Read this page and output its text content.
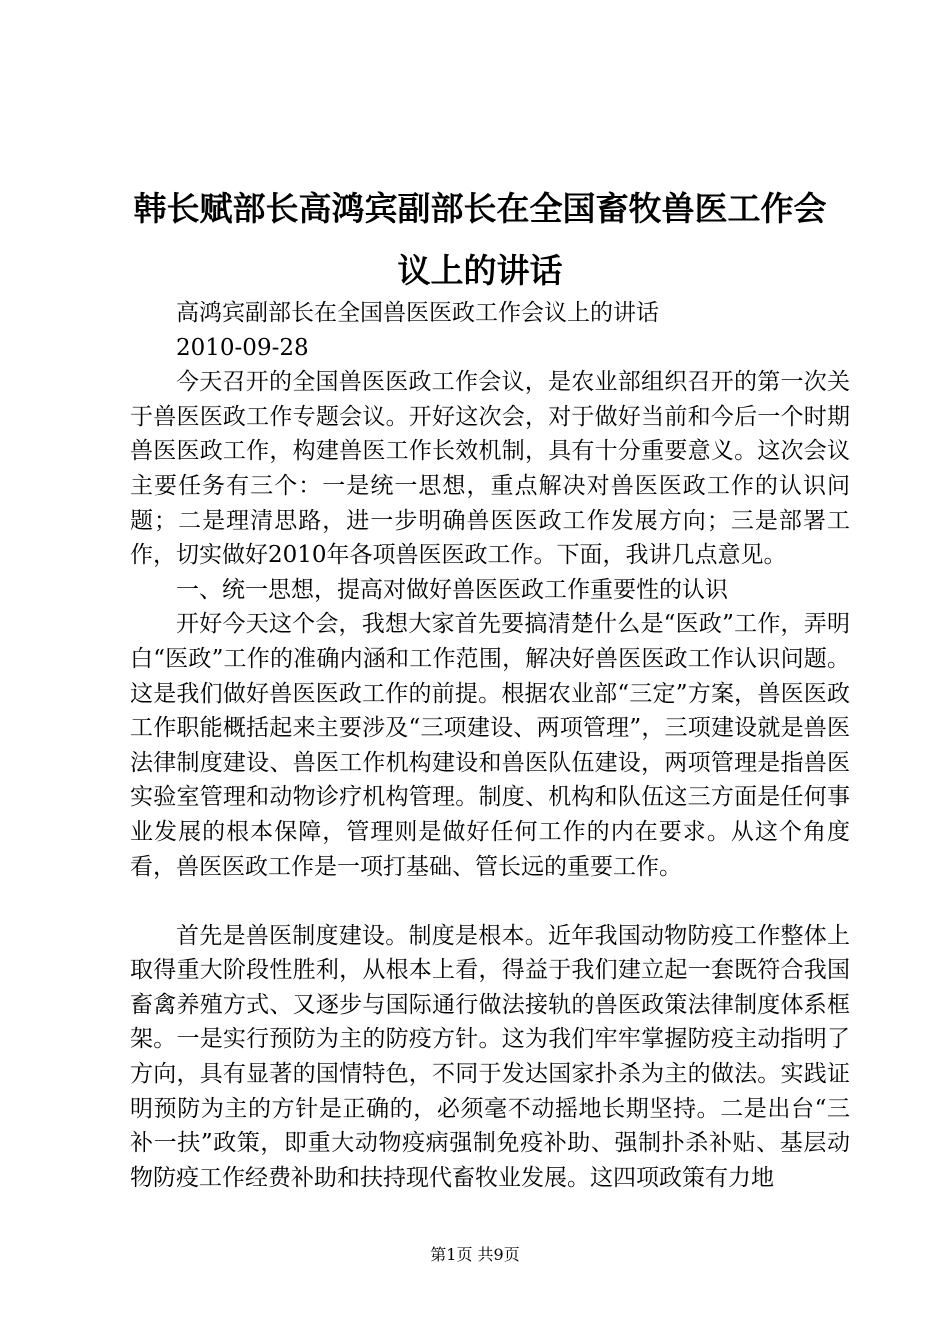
韩长赋部长高鸿宾副部长在全国畜牧兽医工作会议上的讲话

高鸿宾副部长在全国兽医医政工作会议上的讲话

2010-09-28

今天召开的全国兽医医政工作会议，是农业部组织召开的第一次关于兽医医政工作专题会议。开好这次会，对于做好当前和今后一个时期兽医医政工作，构建兽医工作长效机制，具有十分重要意义。这次会议主要任务有三个：一是统一思想，重点解决对兽医医政工作的认识问题；二是理清思路，进一步明确兽医医政工作发展方向；三是部署工作，切实做好2010年各项兽医医政工作。下面，我讲几点意见。

一、统一思想，提高对做好兽医医政工作重要性的认识

开好今天这个会，我想大家首先要搞清楚什么是“医政”工作，弄明白“医政”工作的准确内涵和工作范围，解决好兽医医政工作认识问题。这是我们做好兽医医政工作的前提。根据农业部“三定”方案，兽医医政工作职能概括起来主要涉及“三项建设、两项管理”，三项建设就是兽医法律制度建设、兽医工作机构建设和兽医队伍建设，两项管理是指兽医实验室管理和动物诊疗机构管理。制度、机构和队伍这三方面是任何事业发展的根本保障，管理则是做好任何工作的内在要求。从这个角度看，兽医医政工作是一项打基础、管长远的重要工作。

首先是兽医制度建设。制度是根本。近年我国动物防疫工作整体上取得重大阶段性胜利，从根本上看，得益于我们建立起一套既符合我国畜禽养殖方式、又逐步与国际通行做法接轨的兽医政策法律制度体系框架。一是实行预防为主的防疫方针。这为我们牢牢掌握防疫主动指明了方向，具有显著的国情特色，不同于发达国家扑杀为主的做法。实践证明预防为主的方针是正确的，必须毫不动摇地长期坚持。二是出台“三补一扶”政策，即重大动物疫病强制免疫补助、强制扑杀补贴、基层动物防疫工作经费补助和扶持现代畜牧业发展。这四项政策有力地

第1页 共9页
